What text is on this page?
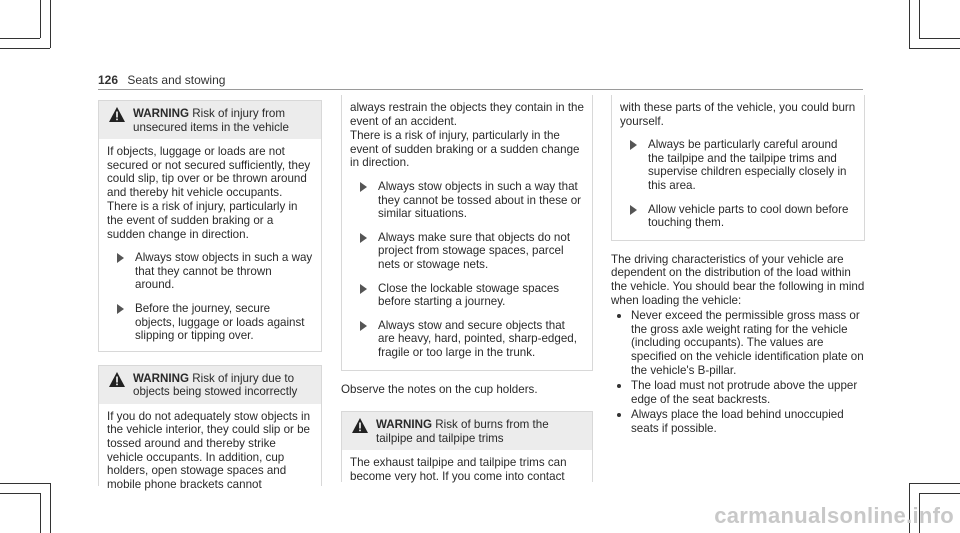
126 Seats and stowing
WARNING Risk of injury from unsecured items in the vehicle

If objects, luggage or loads are not secured or not secured sufficiently, they could slip, tip over or be thrown around and thereby hit vehicle occupants.

There is a risk of injury, particularly in the event of sudden braking or a sudden change in direction.

Always stow objects in such a way that they cannot be thrown around.
Before the journey, secure objects, luggage or loads against slipping or tipping over.
WARNING Risk of injury due to objects being stowed incorrectly

If you do not adequately stow objects in the vehicle interior, they could slip or be tossed around and thereby strike vehicle occupants. In addition, cup holders, open stowage spaces and mobile phone brackets cannot

always restrain the objects they contain in the event of an accident.

There is a risk of injury, particularly in the event of sudden braking or a sudden change in direction.

Always stow objects in such a way that they cannot be tossed about in these or similar situations.
Always make sure that objects do not project from stowage spaces, parcel nets or stowage nets.
Close the lockable stowage spaces before starting a journey.
Always stow and secure objects that are heavy, hard, pointed, sharp-edged, fragile or too large in the trunk.

Observe the notes on the cup holders.

WARNING Risk of burns from the tailpipe and tailpipe trims

The exhaust tailpipe and tailpipe trims can become very hot. If you come into contact

with these parts of the vehicle, you could burn yourself.

Always be particularly careful around the tailpipe and the tailpipe trims and supervise children especially closely in this area.
Allow vehicle parts to cool down before touching them.

The driving characteristics of your vehicle are dependent on the distribution of the load within the vehicle. You should bear the following in mind when loading the vehicle:

Never exceed the permissible gross mass or the gross axle weight rating for the vehicle (including occupants). The values are specified on the vehicle identification plate on the vehicle's B-pillar.
The load must not protrude above the upper edge of the seat backrests.
Always place the load behind unoccupied seats if possible.
carmanualsonline.info
